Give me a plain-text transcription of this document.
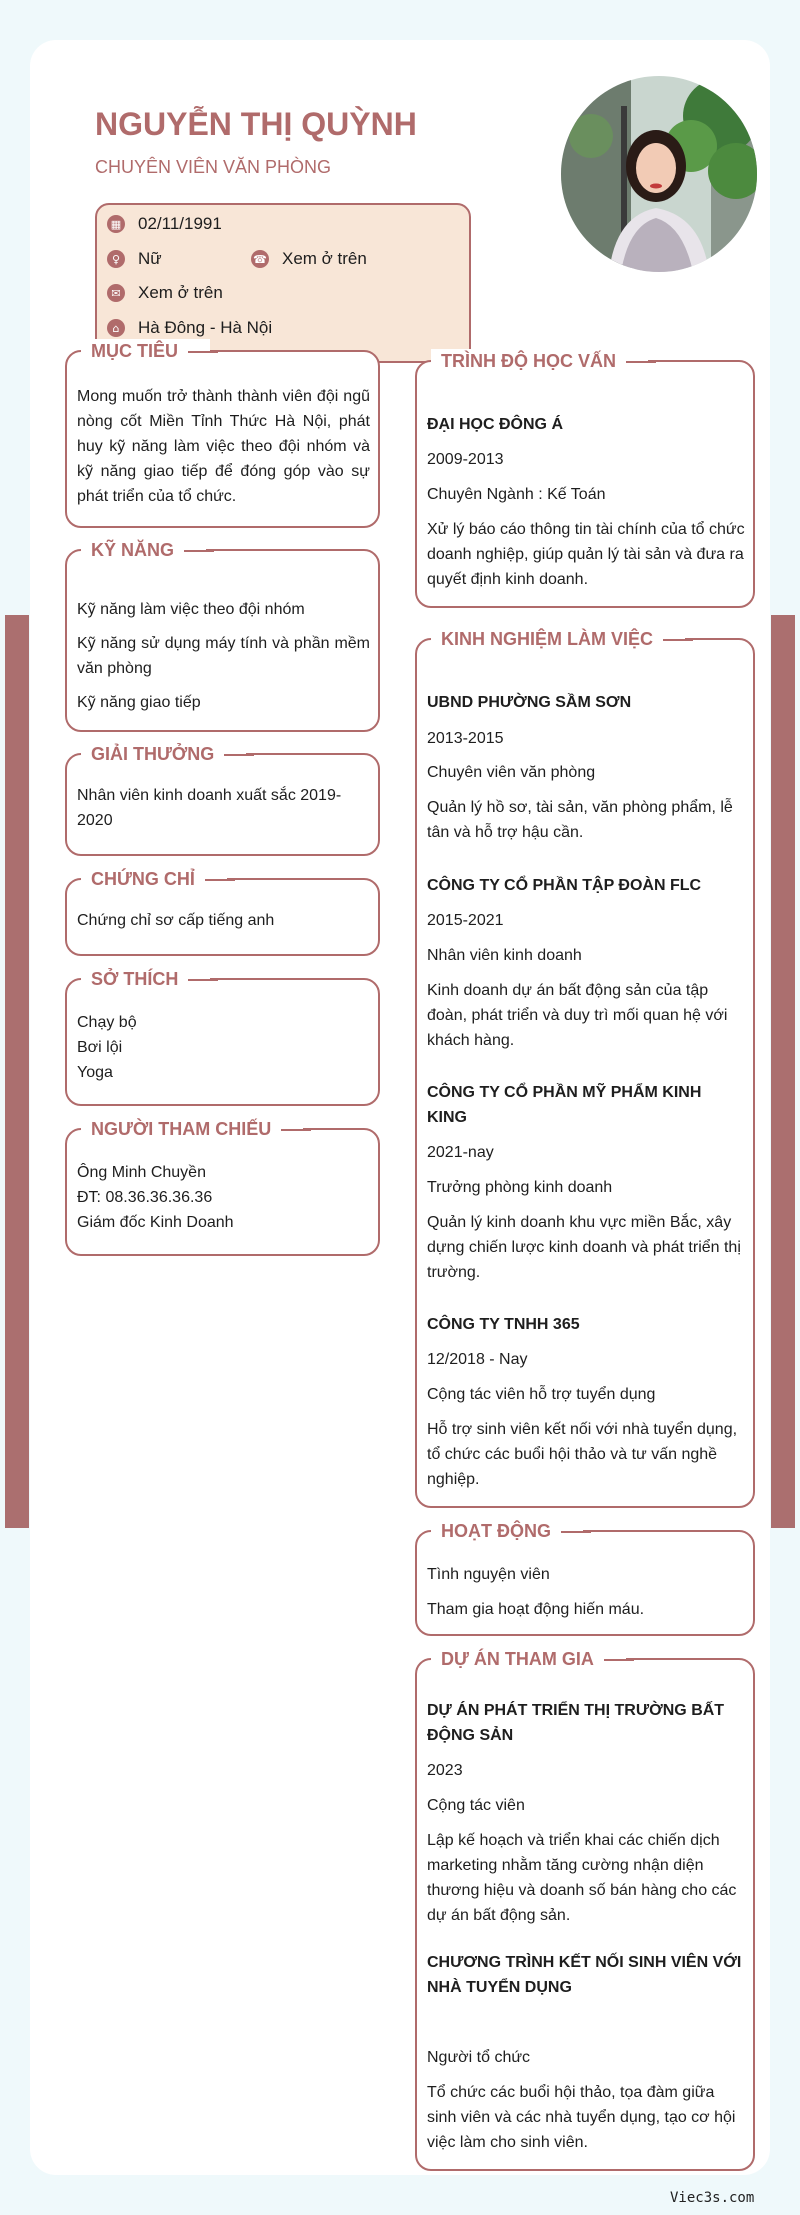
NGUYỄN THỊ QUỲNH
CHUYÊN VIÊN VĂN PHÒNG
▦ 02/11/1991
♀ Nữ	☎ Xem ở trên
✉ Xem ở trên
⌂	Hà Đông - Hà Nội
MỤC TIÊU

Mong muốn trở thành thành viên đội ngũ nòng cốt Miền Tỉnh Thức Hà Nội, phát huy kỹ năng làm việc theo đội nhóm và kỹ năng giao tiếp để đóng góp vào sự phát triển của tổ chức.

KỸ NĂNG

Kỹ năng làm việc theo đội nhóm

Kỹ năng sử dụng máy tính và phần mềm văn phòng

Kỹ năng giao tiếp

GIẢI THƯỞNG

Nhân viên kinh doanh xuất sắc 2019-2020

CHỨNG CHỈ

Chứng chỉ sơ cấp tiếng anh

SỞ THÍCH

Chạy bộ

Bơi lội

Yoga

NGƯỜI THAM CHIẾU

Ông Minh Chuyền

ĐT: 08.36.36.36.36

Giám đốc Kinh Doanh

TRÌNH ĐỘ HỌC VẤN

ĐẠI HỌC ĐÔNG Á

2009-2013

Chuyên Ngành : Kế Toán

Xử lý báo cáo thông tin tài chính của tổ chức doanh nghiệp, giúp quản lý tài sản và đưa ra quyết định kinh doanh.

KINH NGHIỆM LÀM VIỆC

UBND PHƯỜNG SẦM SƠN

2013-2015

Chuyên viên văn phòng

Quản lý hồ sơ, tài sản, văn phòng phẩm, lễ tân và hỗ trợ hậu cần.

CÔNG TY CỔ PHẦN TẬP ĐOÀN FLC

2015-2021

Nhân viên kinh doanh

Kinh doanh dự án bất động sản của tập đoàn, phát triển và duy trì mối quan hệ với khách hàng.

CÔNG TY CỔ PHẦN MỸ PHẨM KINH KING

2021-nay

Trưởng phòng kinh doanh

Quản lý kinh doanh khu vực miền Bắc, xây dựng chiến lược kinh doanh và phát triển thị trường.

CÔNG TY TNHH 365

12/2018 - Nay

Cộng tác viên hỗ trợ tuyển dụng

Hỗ trợ sinh viên kết nối với nhà tuyển dụng, tổ chức các buổi hội thảo và tư vấn nghề nghiệp.

HOẠT ĐỘNG

Tình nguyện viên

Tham gia hoạt động hiến máu.

DỰ ÁN THAM GIA

DỰ ÁN PHÁT TRIỂN THỊ TRƯỜNG BẤT ĐỘNG SẢN

2023

Cộng tác viên

Lập kế hoạch và triển khai các chiến dịch marketing nhằm tăng cường nhận diện thương hiệu và doanh số bán hàng cho các dự án bất động sản.

CHƯƠNG TRÌNH KẾT NỐI SINH VIÊN VỚI NHÀ TUYỂN DỤNG

Người tổ chức

Tổ chức các buổi hội thảo, tọa đàm giữa sinh viên và các nhà tuyển dụng, tạo cơ hội việc làm cho sinh viên.

Viec3s.com
